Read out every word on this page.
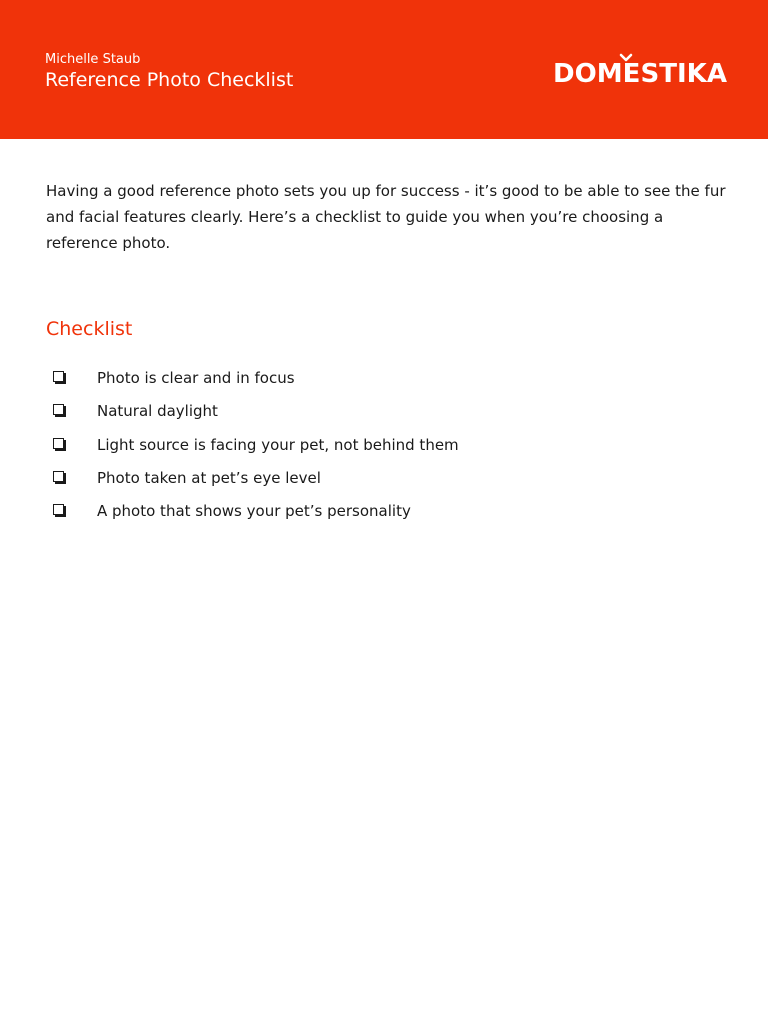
Michelle Staub
Reference Photo Checklist	DOMESTIKA

Having a good reference photo sets you up for success - it’s good to be able to see the fur and facial features clearly. Here’s a checklist to guide you when you’re choosing a reference photo.

Checklist
Photo is clear and in focus
Natural daylight
Light source is facing your pet, not behind them
Photo taken at pet’s eye level
A photo that shows your pet’s personality
